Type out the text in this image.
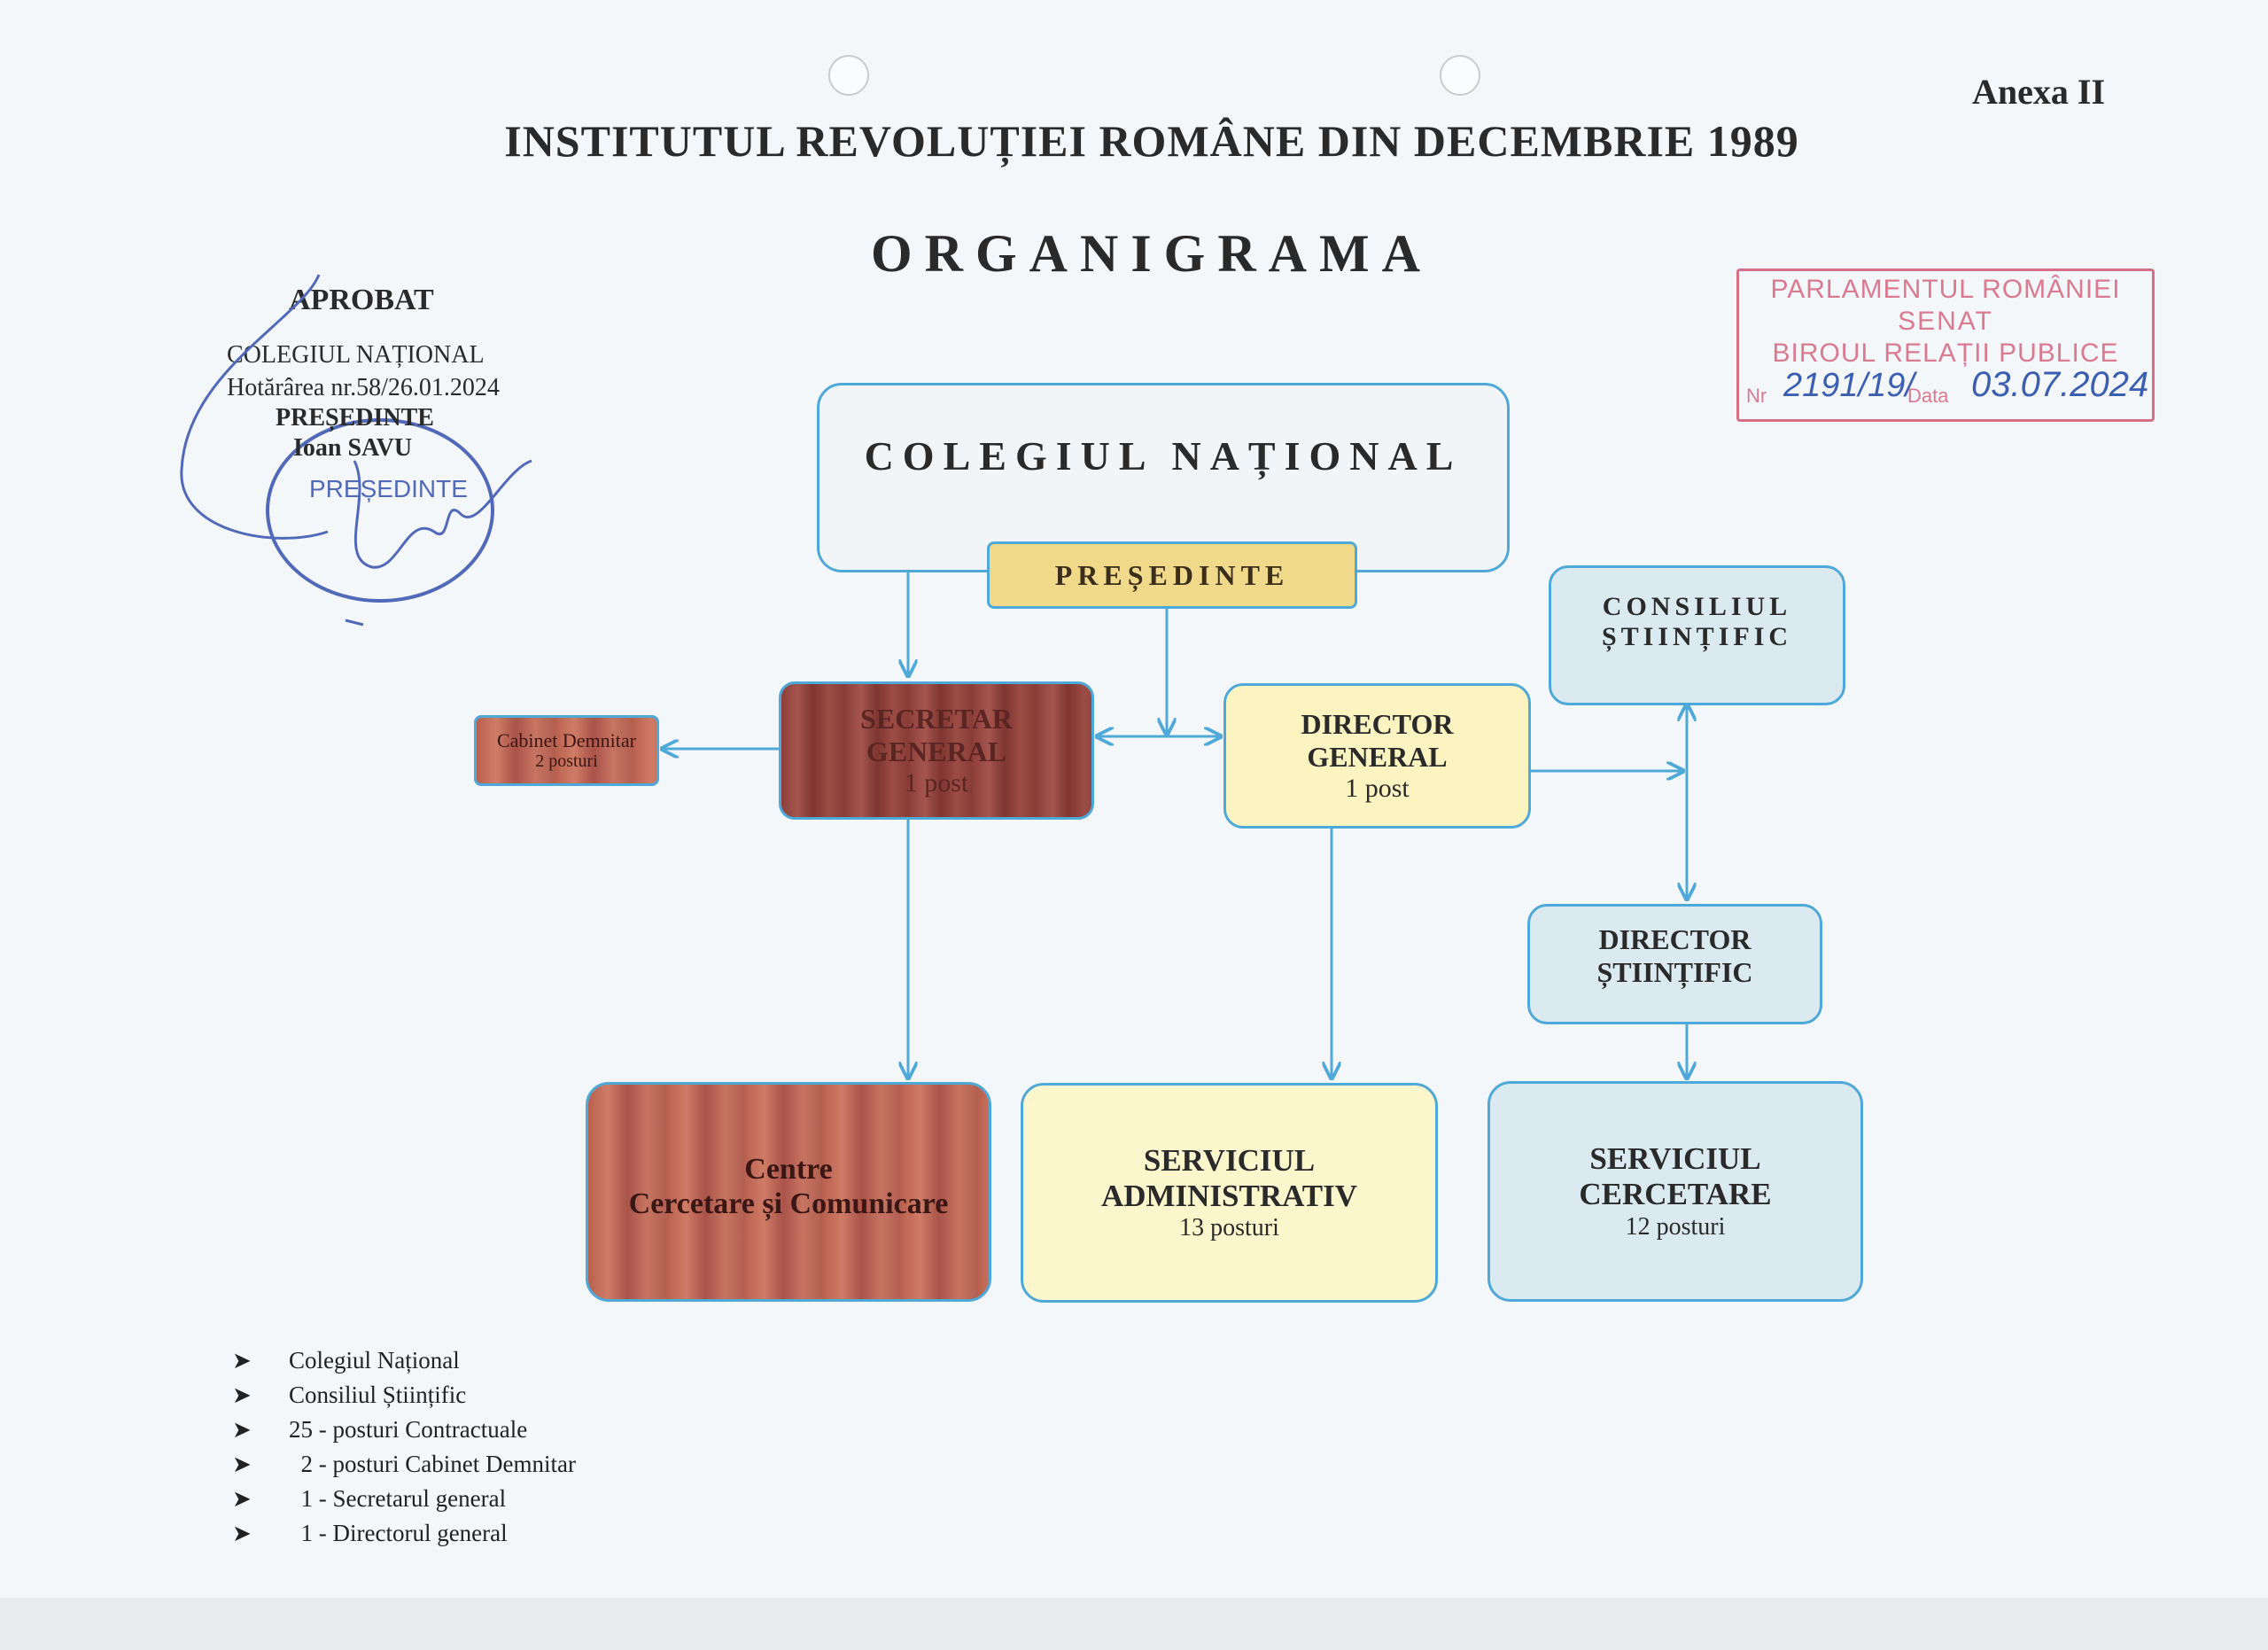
Anexa II
INSTITUTUL REVOLUȚIEI ROMÂNE DIN DECEMBRIE 1989
ORGANIGRAMA
PREȘEDINTE
APROBAT
COLEGIUL NAȚIONAL
Hotărârea nr.58/26.01.2024
PREȘEDINTE
Ioan SAVU
PARLAMENTUL ROMÂNIEI
SENAT
BIROUL RELAȚII PUBLICE
Nr 2191/19/
Data 03.07.2024
COLEGIUL NAȚIONAL
PREȘEDINTE
CONSILIUL
ȘTIINȚIFIC
Cabinet Demnitar
2 posturi
SECRETAR
GENERAL
1 post
DIRECTOR
GENERAL
1 post
DIRECTOR
ȘTIINȚIFIC
Centre
Cercetare și Comunicare
SERVICIUL
ADMINISTRATIV
13 posturi
SERVICIUL
CERCETARE
12 posturi
➤	Colegiul Național
➤	Consiliul Științific
➤	25 - posturi Contractuale
➤	2 - posturi Cabinet Demnitar
➤	1 - Secretarul general
➤	1 - Directorul general
